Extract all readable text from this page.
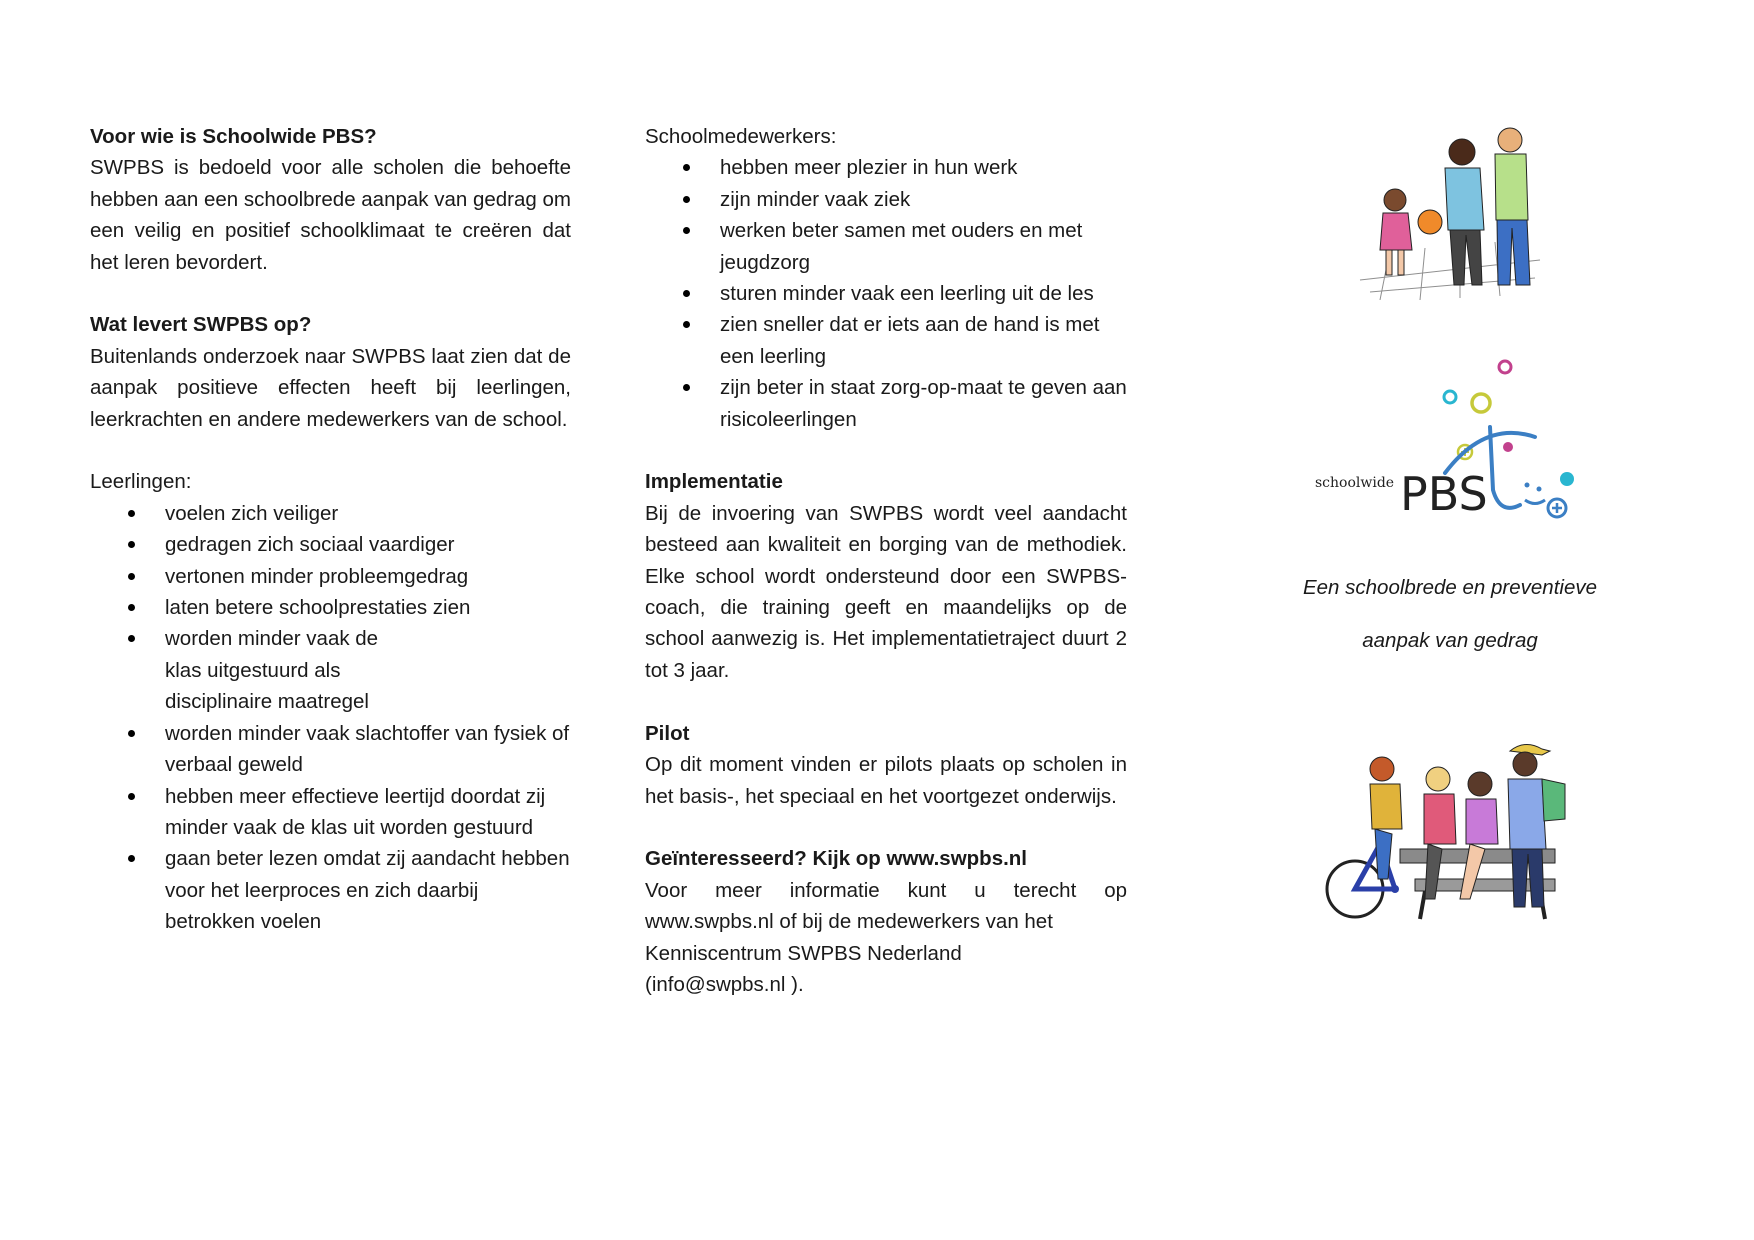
Voor wie is Schoolwide PBS?

SWPBS is bedoeld voor alle scholen die behoefte hebben aan een schoolbrede aanpak van gedrag om een veilig en positief schoolklimaat te creëren dat het leren bevordert.

Wat levert SWPBS op?

Buitenlands onderzoek naar SWPBS laat zien dat de aanpak positieve effecten heeft bij leerlingen, leerkrachten en andere medewerkers van de school.

Leerlingen:

voelen zich veiliger
gedragen zich sociaal vaardiger
vertonen minder probleemgedrag
laten betere schoolprestaties zien
worden minder vaak de klas uitgestuurd als disciplinaire maatregel
worden minder vaak slachtoffer van fysiek of verbaal geweld
hebben meer effectieve leertijd doordat zij minder vaak de klas uit worden gestuurd
gaan beter lezen omdat zij aandacht hebben voor het leerproces en zich daarbij betrokken voelen

Schoolmedewerkers:

hebben meer plezier in hun werk
zijn minder vaak ziek
werken beter samen met ouders en met jeugdzorg
sturen minder vaak een leerling uit de les
zien sneller dat er iets aan de hand is met een leerling
zijn beter in staat zorg-op-maat te geven aan risicoleerlingen
Implementatie

Bij de invoering van SWPBS wordt veel aandacht besteed aan kwaliteit en borging van de methodiek. Elke school wordt ondersteund door een SWPBS-coach, die training geeft en maandelijks op de school aanwezig is. Het implementatietraject duurt 2 tot 3 jaar.

Pilot

Op dit moment vinden er pilots plaats op scholen in het basis-, het speciaal en het voortgezet onderwijs.

Geïnteresseerd? Kijk op www.swpbs.nl

Voor meer informatie kunt u terecht op www.swpbs.nl of bij de medewerkers van het

Kenniscentrum SWPBS Nederland

(info@swpbs.nl ).

schoolwide PBS

Een schoolbrede en preventieve

aanpak van gedrag
